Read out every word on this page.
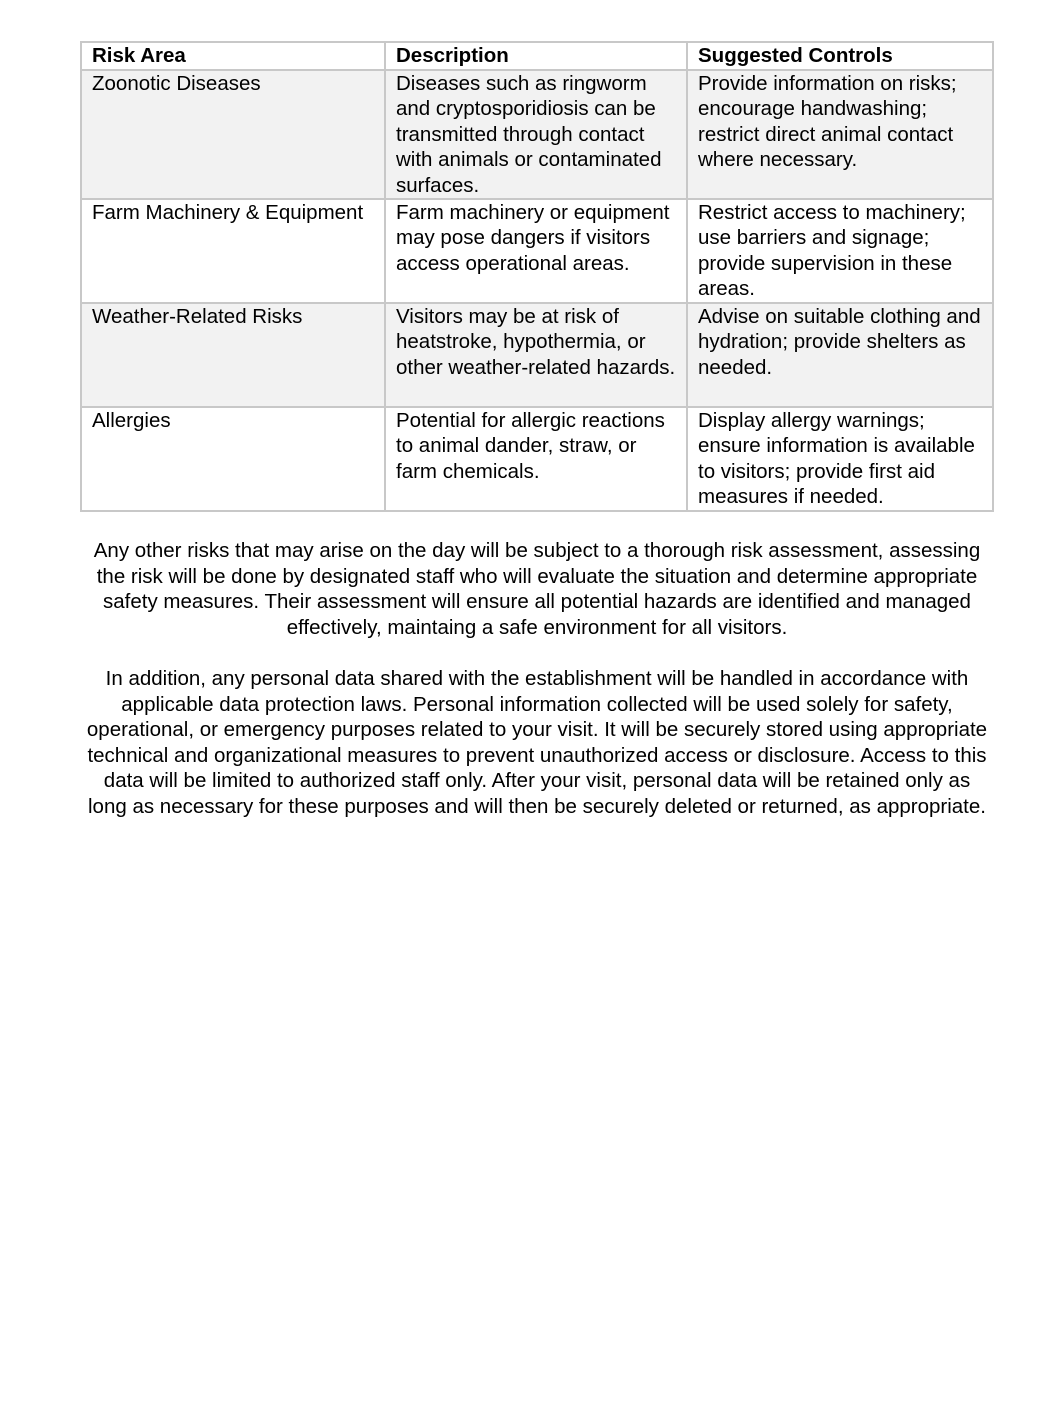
Risk Area	Description	Suggested Controls
Zoonotic Diseases	Diseases such as ringworm and cryptosporidiosis can be transmitted through contact with animals or contaminated surfaces.	Provide information on risks; encourage handwashing; restrict direct animal contact where necessary.
Farm Machinery & Equipment	Farm machinery or equipment may pose dangers if visitors access operational areas.	Restrict access to machinery; use barriers and signage; provide supervision in these areas.
Weather-Related Risks	Visitors may be at risk of heatstroke, hypothermia, or other weather-related hazards.	Advise on suitable clothing and hydration; provide shelters as needed.
Allergies	Potential for allergic reactions to animal dander, straw, or farm chemicals.	Display allergy warnings; ensure information is available to visitors; provide first aid measures if needed.

Any other risks that may arise on the day will be subject to a thorough risk assessment, assessing the risk will be done by designated staff who will evaluate the situation and determine appropriate safety measures. Their assessment will ensure all potential hazards are identified and managed effectively, maintaing a safe environment for all visitors.

In addition, any personal data shared with the establishment will be handled in accordance with applicable data protection laws. Personal information collected will be used solely for safety, operational, or emergency purposes related to your visit. It will be securely stored using appropriate technical and organizational measures to prevent unauthorized access or disclosure. Access to this data will be limited to authorized staff only. After your visit, personal data will be retained only as long as necessary for these purposes and will then be securely deleted or returned, as appropriate.
